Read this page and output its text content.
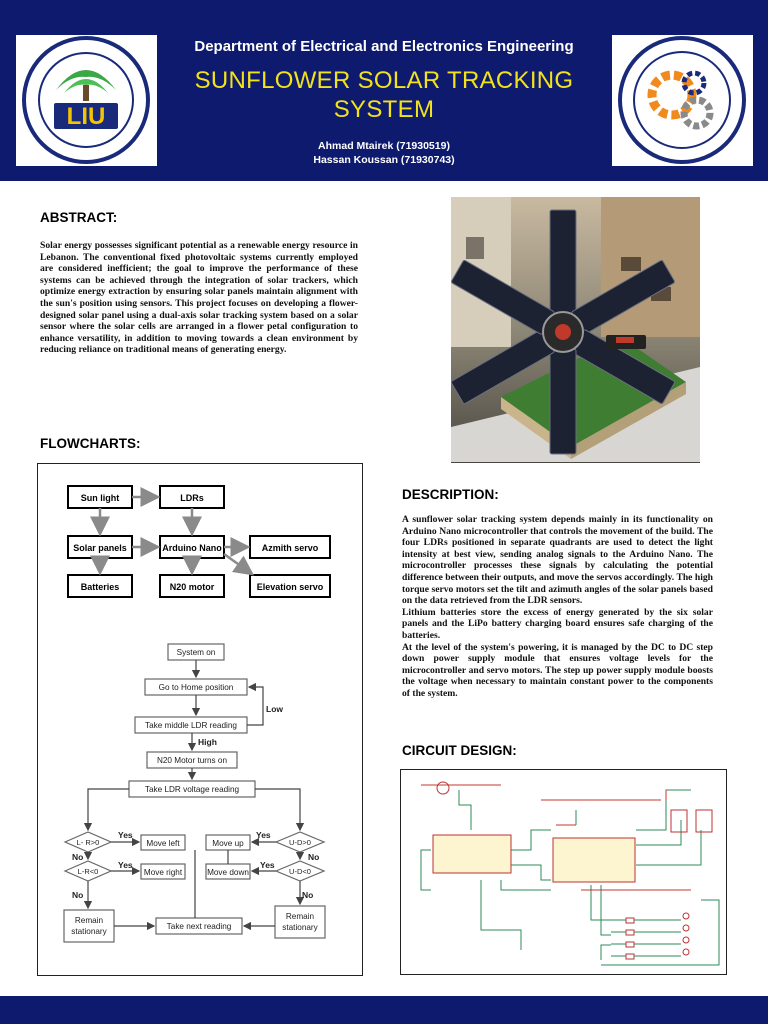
LIU
Department of Electrical and Electronics Engineering
SUNFLOWER SOLAR TRACKING
SYSTEM
Ahmad Mtairek (71930519)
Hassan Koussan (71930743)
ABSTRACT:
Solar energy possesses significant potential as a renewable energy resource in Lebanon. The conventional fixed photovoltaic systems currently employed are considered inefficient; the goal to improve the performance of these systems can be achieved through the integration of solar trackers, which optimize energy extraction by ensuring solar panels maintain alignment with the sun's position using sensors. This project focuses on developing a flower-designed solar panel using a dual-axis solar tracking system based on a solar sensor where the solar cells are arranged in a flower petal configuration to enhance versatility, in addition to moving towards a clean environment by reducing reliance on traditional means of generating energy.
FLOWCHARTS:
Sun light	LDRs
Solar panels	Arduino Nano	Azmith servo
Batteries	N20 motor	Elevation servo
System on
Go to Home position
Take middle LDR reading
N20 Motor turns on
Take LDR voltage reading
L- R>0
L-R<0
U-D>0
U-D<0
Move left
Move right
Move up
Move down
Remain
stationary
Remain
stationary
Take next reading
Low
High
Yes
Yes
Yes
Yes
No
No
No
No
DESCRIPTION:

A sunflower solar tracking system depends mainly in its functionality on Arduino Nano microcontroller that controls the movement of the build. The four LDRs positioned in separate quadrants are used to detect the light intensity at best view, sending analog signals to the Arduino Nano. The microcontroller processes these signals by calculating the potential difference between their outputs, and move the servos accordingly. The high torque servo motors set the tilt and azimuth angles of the solar panels based on the data retrieved from the LDR sensors.

Lithium batteries store the excess of energy generated by the six solar panels and the LiPo battery charging board ensures safe charging of the batteries.

At the level of the system's powering, it is managed by the DC to DC step down power supply module that ensures voltage levels for the microcontroller and servo motors. The step up power supply module boosts the voltage when necessary to maintain constant power to the components of the system.

CIRCUIT DESIGN:
